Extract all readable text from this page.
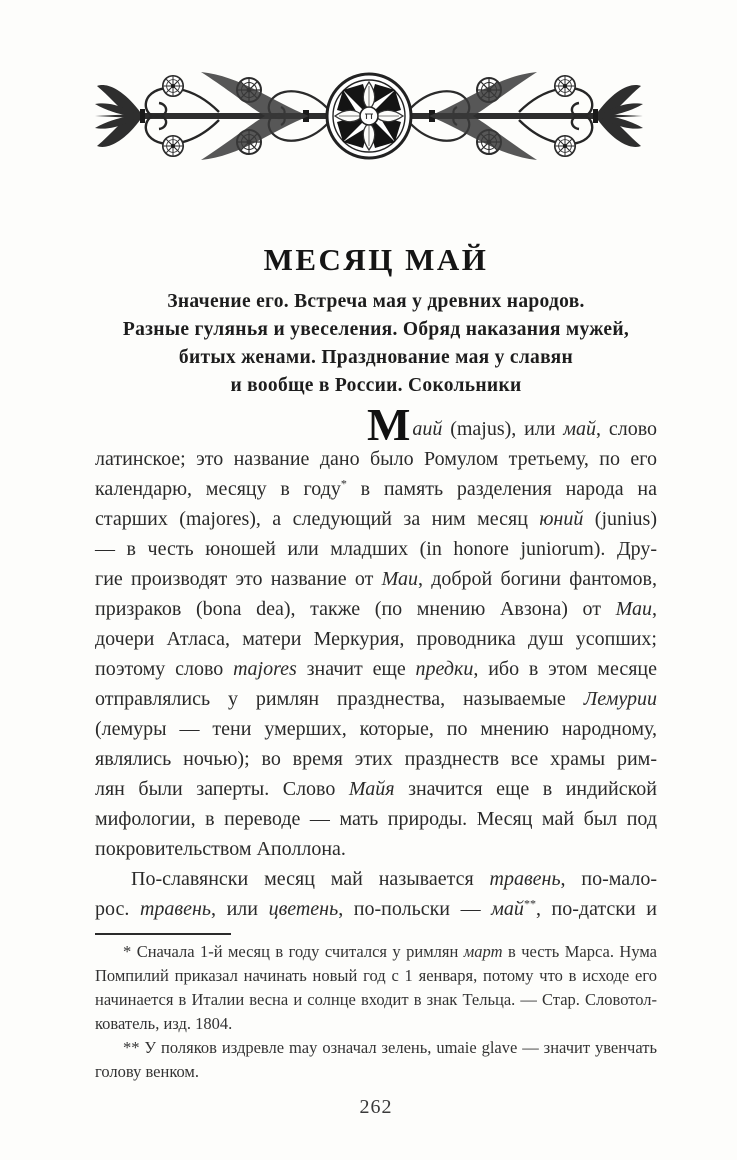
МЕСЯЦ МАЙ
Значение его. Встреча мая у древних народов.
Разные гулянья и увеселения. Обряд наказания мужей,
битых женами. Празднование мая у славян
и вообще в России. Сокольники
Маий (majus), или май, слово
латинское; это название дано было Ромулом третьему, по его
календарю, месяцу в году* в память разделения народа на
старших (majores), а следующий за ним месяц юний (junius)
— в честь юношей или младших (in honore juniorum). Дру-
гие производят это название от Маи, доброй богини фантомов,
призраков (bona dea), также (по мнению Авзона) от Маи,
дочери Атласа, матери Меркурия, проводника душ усопших;
поэтому слово majores значит еще предки, ибо в этом месяце
отправлялись у римлян празднества, называемые Лемурии
(лемуры — тени умерших, которые, по мнению народному,
являлись ночью); во время этих празднеств все храмы рим-
лян были заперты. Слово Майя значится еще в индийской
мифологии, в переводе — мать природы. Месяц май был под
покровительством Аполлона.
По-славянски месяц май называется травень, по-мало-
рос. травень, или цветень, по-польски — май**, по-датски и
* Сначала 1-й месяц в году считался у римлян март в честь Марса. Нума
Помпилий приказал начинать новый год с 1 яенваря, потому что в исходе его
начинается в Италии весна и солнце входит в знак Тельца. — Стар. Словотол-
кователь, изд. 1804.
** У поляков издревле may означал зелень, umaie glave — значит увенчать
голову венком.
262
